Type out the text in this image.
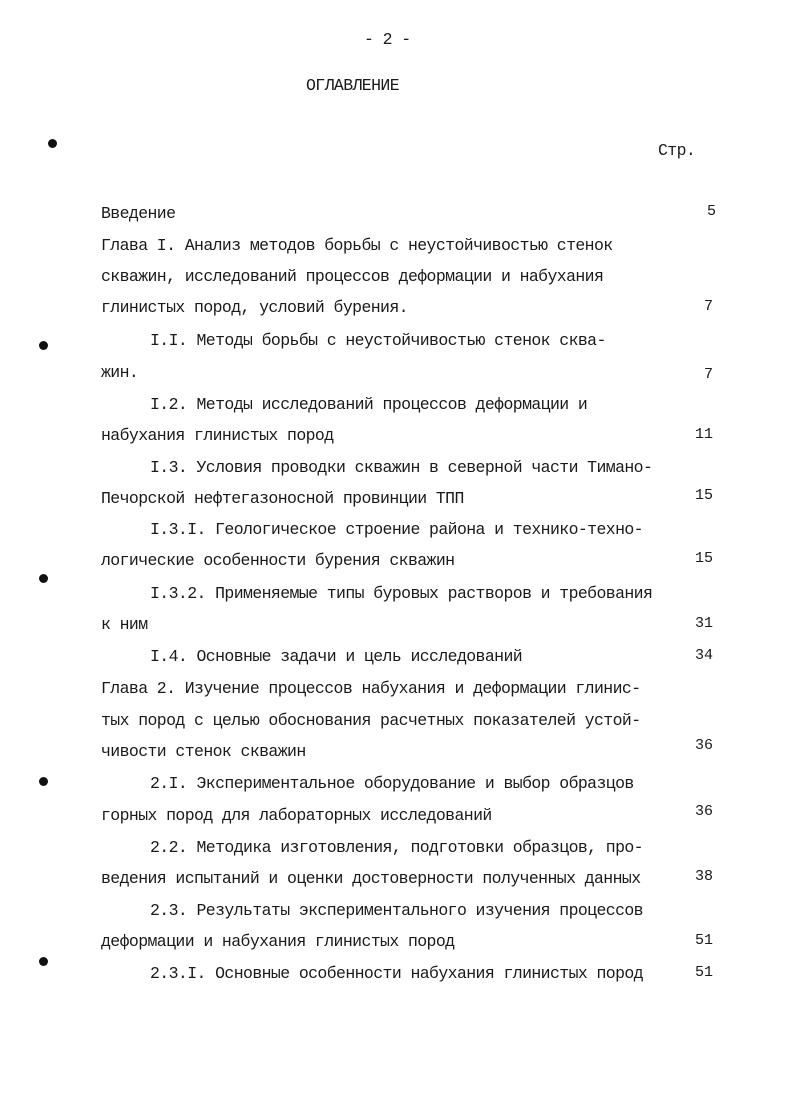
- 2 -
ОГЛАВЛЕНИЕ
Стр.
Введение	5
Глава I. Анализ методов борьбы с неустойчивостью стенок
скважин, исследований процессов деформации и набухания
глинистых пород, условий бурения.	7
I.I. Методы борьбы с неустойчивостью стенок сква-
жин.	7
I.2. Методы исследований процессов деформации и
набухания глинистых пород	11
I.3. Условия проводки скважин в северной части Тимано-
Печорской нефтегазоносной провинции ТПП	15
I.3.I. Геологическое строение района и технико-техно-
логические особенности бурения скважин	15
I.3.2. Применяемые типы буровых растворов и требования
к ним	31
I.4. Основные задачи и цель исследований	34
Глава 2. Изучение процессов набухания и деформации глинис-
тых пород с целью обоснования расчетных показателей устой-
чивости стенок скважин	36
2.I. Экспериментальное оборудование и выбор образцов
горных пород для лабораторных исследований	36
2.2. Методика изготовления, подготовки образцов, про-
ведения испытаний и оценки достоверности полученных данных	38
2.3. Результаты экспериментального изучения процессов
деформации и набухания глинистых пород	51
2.3.I. Основные особенности набухания глинистых пород	51
